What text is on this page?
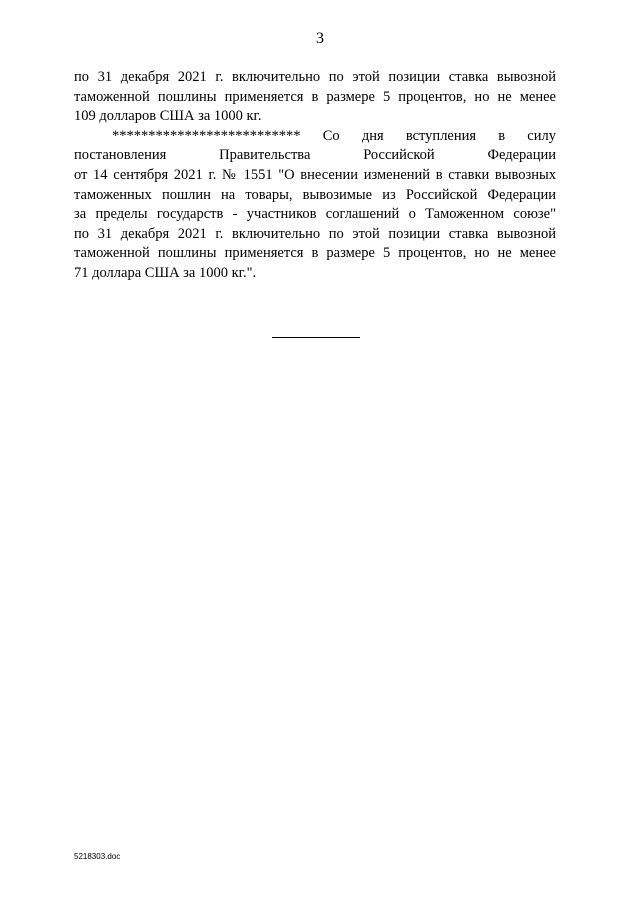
3
по 31 декабря 2021 г. включительно по этой позиции ставка вывозной
таможенной пошлины применяется в размере 5 процентов, но не менее
109 долларов США за 1000 кг.
************************** Со дня вступления в силу
постановления Правительства Российской Федерации
от 14 сентября 2021 г. № 1551 "О внесении изменений в ставки вывозных
таможенных пошлин на товары, вывозимые из Российской Федерации
за пределы государств - участников соглашений о Таможенном союзе"
по 31 декабря 2021 г. включительно по этой позиции ставка вывозной
таможенной пошлины применяется в размере 5 процентов, но не менее
71 доллара США за 1000 кг.".
5218303.doc
